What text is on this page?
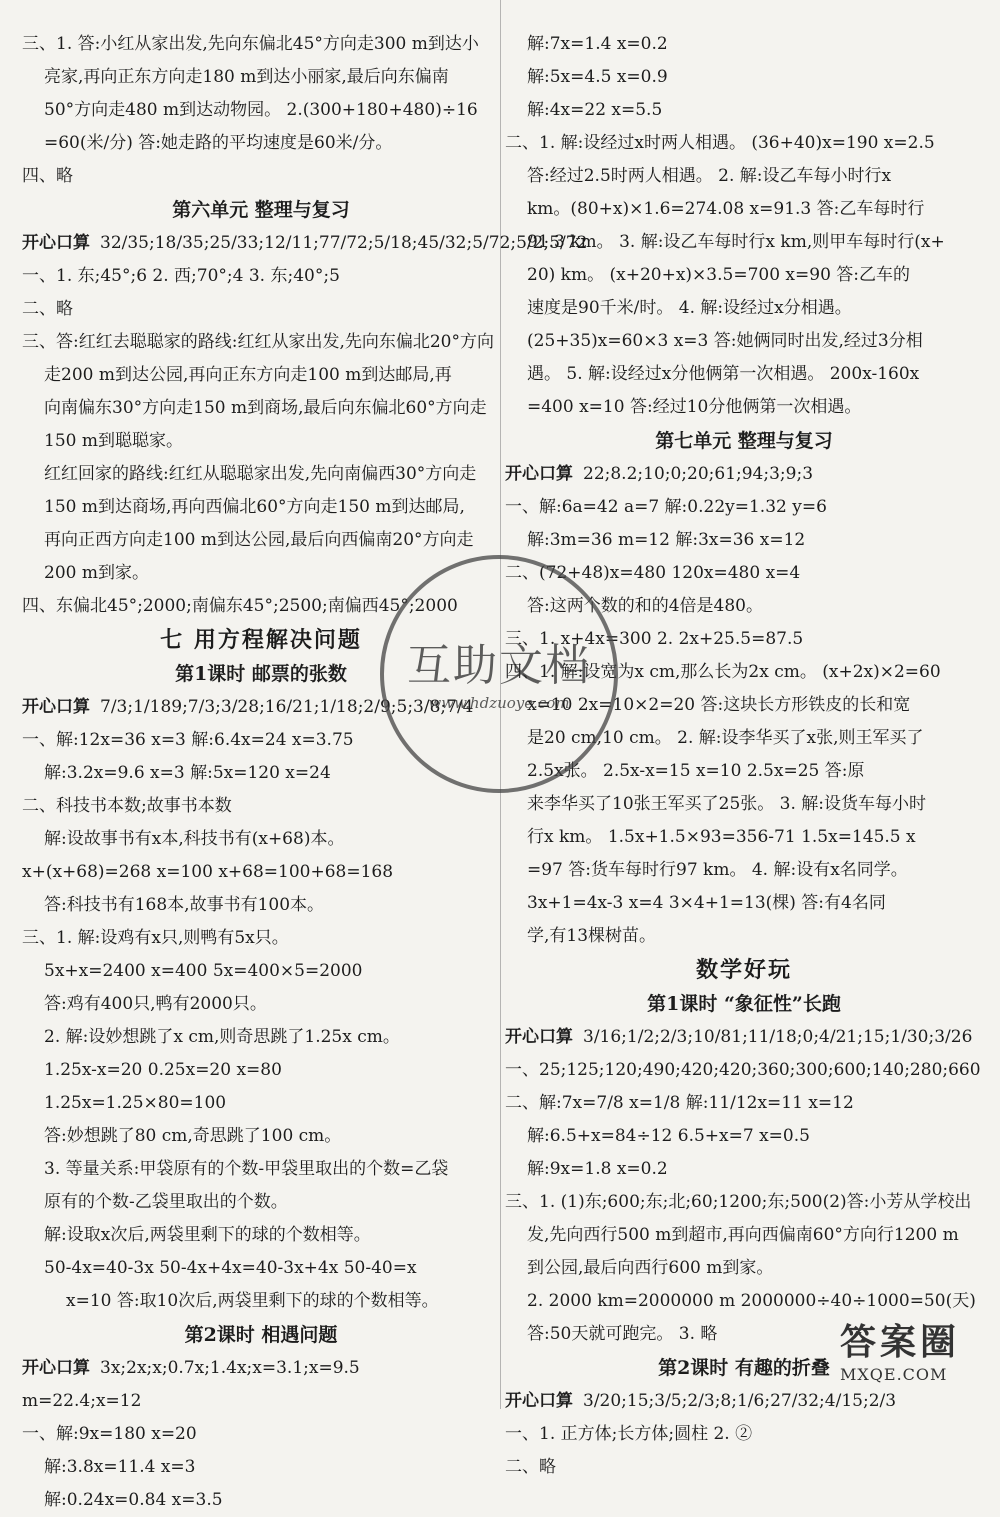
三、1. 答:小红从家出发,先向东偏北45°方向走300 m到达小
亮家,再向正东方向走180 m到达小丽家,最后向东偏南
50°方向走480 m到达动物园。 2.(300+180+480)÷16
=60(米/分) 答:她走路的平均速度是60米/分。
四、略
第六单元 整理与复习
开心口算 32/35;18/35;25/33;12/11;77/72;5/18;45/32;5/72;5/2;5/72
一、1. 东;45°;6 2. 西;70°;4 3. 东;40°;5
二、略
三、答:红红去聪聪家的路线:红红从家出发,先向东偏北20°方向
走200 m到达公园,再向正东方向走100 m到达邮局,再
向南偏东30°方向走150 m到商场,最后向东偏北60°方向走
150 m到聪聪家。
红红回家的路线:红红从聪聪家出发,先向南偏西30°方向走
150 m到达商场,再向西偏北60°方向走150 m到达邮局,
再向正西方向走100 m到达公园,最后向西偏南20°方向走
200 m到家。
四、东偏北45°;2000;南偏东45°;2500;南偏西45°;2000
七 用方程解决问题
第1课时 邮票的张数
开心口算 7/3;1/189;7/3;3/28;16/21;1/18;2/9;5;3/8;7/4
一、解:12x=36 x=3 解:6.4x=24 x=3.75
解:3.2x=9.6 x=3 解:5x=120 x=24
二、科技书本数;故事书本数
解:设故事书有x本,科技书有(x+68)本。
x+(x+68)=268 x=100 x+68=100+68=168
答:科技书有168本,故事书有100本。
三、1. 解:设鸡有x只,则鸭有5x只。
5x+x=2400 x=400 5x=400×5=2000
答:鸡有400只,鸭有2000只。
2. 解:设妙想跳了x cm,则奇思跳了1.25x cm。
1.25x-x=20 0.25x=20 x=80
1.25x=1.25×80=100
答:妙想跳了80 cm,奇思跳了100 cm。
3. 等量关系:甲袋原有的个数-甲袋里取出的个数=乙袋
原有的个数-乙袋里取出的个数。
解:设取x次后,两袋里剩下的球的个数相等。
50-4x=40-3x 50-4x+4x=40-3x+4x 50-40=x
x=10 答:取10次后,两袋里剩下的球的个数相等。
第2课时 相遇问题
开心口算 3x;2x;x;0.7x;1.4x;x=3.1;x=9.5
m=22.4;x=12
一、解:9x=180 x=20
解:3.8x=11.4 x=3
解:0.24x=0.84 x=3.5
解:7x=1.4 x=0.2
解:5x=4.5 x=0.9
解:4x=22 x=5.5
二、1. 解:设经过x时两人相遇。 (36+40)x=190 x=2.5
答:经过2.5时两人相遇。 2. 解:设乙车每小时行x
km。(80+x)×1.6=274.08 x=91.3 答:乙车每时行
91.3 km。 3. 解:设乙车每时行x km,则甲车每时行(x+
20) km。 (x+20+x)×3.5=700 x=90 答:乙车的
速度是90千米/时。 4. 解:设经过x分相遇。
(25+35)x=60×3 x=3 答:她俩同时出发,经过3分相
遇。 5. 解:设经过x分他俩第一次相遇。 200x-160x
=400 x=10 答:经过10分他俩第一次相遇。
第七单元 整理与复习
开心口算 22;8.2;10;0;20;61;94;3;9;3
一、解:6a=42 a=7 解:0.22y=1.32 y=6
解:3m=36 m=12 解:3x=36 x=12
二、(72+48)x=480 120x=480 x=4
答:这两个数的和的4倍是480。
三、1. x+4x=300 2. 2x+25.5=87.5
四、1. 解:设宽为x cm,那么长为2x cm。 (x+2x)×2=60
x=10 2x=10×2=20 答:这块长方形铁皮的长和宽
是20 cm,10 cm。 2. 解:设李华买了x张,则王军买了
2.5x张。 2.5x-x=15 x=10 2.5x=25 答:原
来李华买了10张王军买了25张。 3. 解:设货车每小时
行x km。 1.5x+1.5×93=356-71 1.5x=145.5 x
=97 答:货车每时行97 km。 4. 解:设有x名同学。
3x+1=4x-3 x=4 3×4+1=13(棵) 答:有4名同
学,有13棵树苗。
数学好玩
第1课时 “象征性”长跑
开心口算 3/16;1/2;2/3;10/81;11/18;0;4/21;15;1/30;3/26
一、25;125;120;490;420;420;360;300;600;140;280;660
二、解:7x=7/8 x=1/8 解:11/12x=11 x=12
解:6.5+x=84÷12 6.5+x=7 x=0.5
解:9x=1.8 x=0.2
三、1. (1)东;600;东;北;60;1200;东;500(2)答:小芳从学校出
发,先向西行500 m到超市,再向西偏南60°方向行1200 m
到公园,最后向西行600 m到家。
2. 2000 km=2000000 m 2000000÷40÷1000=50(天)
答:50天就可跑完。 3. 略
第2课时 有趣的折叠
开心口算 3/20;15;3/5;2/3;8;1/6;27/32;4/15;2/3
一、1. 正方体;长方体;圆柱 2. ②
二、略
互助文档
www.hdzuoye.com
答案圈
MXQE.COM
